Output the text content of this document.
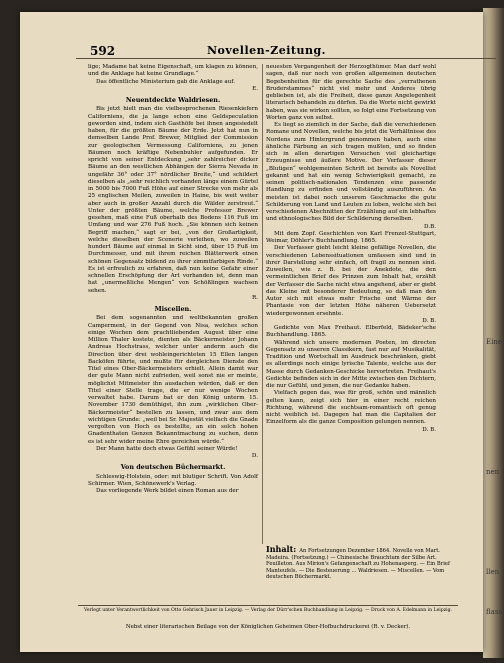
Eine
nen
llen
flass
592	Novellen-Zeitung.
lige; Madame hat keine Eigenschaft, um klagen zu können, und die Anklage hat keine Grundlage.“
Das öffentliche Ministerium gab die Anklage auf.
E.
Neuentdeckte Waldriesen.
Bis jetzt hielt man die vielbesprochenen Riesenkiefern Californiens, die ja lange schon eine Geldspeculation geworden sind, indem sich Gasthöfe bei ihnen angesiedelt haben, für die größten Bäume der Erde. Jetzt hat nun in demselben Lande Prof. Brewer, Mitglied der Commission zur geologischen Vermessung Californiens, zu jenen Bäumen noch kräftige Nebenbuhler aufgefunden. Er spricht von seiner Entdeckung „sehr zahlreicher dicker Bäume an den westlichen Abhängen der Sierra Nevada in ungefähr 36° oder 37° nördlicher Breite,“ und schildert dieselben als „sehr reichlich vorhanden längs einem Gürtel in 5000 bis 7000 Fuß Höhe auf einer Strecke von mehr als 25 englischen Meilen, zuweilen in Haine, bis weit weiter aber auch in großer Anzahl durch die Wälder zerstreut.“ Unter der größten Bäume, welche Professor Brewer gesehen, maß eine Fuß oberhalb des Bodens 116 Fuß im Umfang und war 276 Fuß hoch. „Sie können sich keinen Begriff machen,“ sagt er bei, „von der Großartigkeit, welche dieselben der Scenerie verleihen, wo zuweilen hundert Bäume auf einmal in Sicht sind, über 15 Fuß im Durchmesser, und mit ihrem reichen Blätterwerk einen schönen Gegensatz bildend zu ihrer zimmtfarbigen Rinde.“ Es ist erfreulich zu erfahren, daß nun keine Gefahr einer schnellen Erschöpfung der Art vorhanden ist, denn man hat „unermeßliche Mengen“ von Schößlingen wachsen sehen.
R.
Miscellen.
Bei dem sogenannten und weltbekannten großen Camperment, in der Gegend von Nisa, welches schon einige Wochen dem prachtliebenden August über eine Million Thaler kostete, dienten als Bäckermeister Johann Andreas Hochstrass, welcher unter anderm auch die Direction über drei wohleingerichteten 15 Ellen langen Backöfen führte, und mußte für dergleichen Dienste den Titel eines Ober-Bäckermeisters erhielt. Allein damit war der gute Mann nicht zufrieden, weil sonst nie er meinte, möglichst Mitmeister ihn ausdachen würden, daß er den Titel einer Stelle trage, die er nur wenige Wochen verwaltet habe. Darum bat er den König unterm 15. November 1730 demüthigst, ihn zum „wirklichen Ober-Bäckermeister“ bestellen zu lassen, und zwar aus dem wichtigen Grunde: „weil bei Sr. Majestät vielfach die Gnade vergolten von Hoch es bestellte, an ein solch hohen Gnadenthaten Genzen Bekanntmachung zu suchen, denn es ist sehr wider meine Ehre gereichen würde.“
Der Mann hatte doch etwas Gefühl seiner Würde!
D.
Von deutschen Büchermarkt.
Schleswig-Holstein, oder: mit blutiger Schrift. Von Adolf Schirmer. Wien, Schönewerk's Verlag.
Das vorliegende Werk bildet einen Roman aus der
neuesten Vergangenheit der Herzogthümer. Man darf wohl sagen, daß nur noch von großen allgemeinen deutschen Begebenheiten für die gerechte Sache des „verrathenen Bruderstammes“ nicht viel mehr und Anderes übrig geblieben ist, als die Freiheit, diese ganze Angelegenheit literarisch behandeln zu dürfen. Da die Worte nicht gewirkt haben, was sie wirken sollten, so folgt eine Fortsetzung von Worten ganz von selbst.
Es liegt so ziemlich in der Sache, daß die verschiedenen Romane und Novellen, welche bis jetzt die Verhältnisse des Nordens zum Hintergrund genommen haben, auch eine ähnliche Färbung an sich tragen mußten, und so finden sich in allen derartigen Versuchen viel gleichartige Erzeugnisse und äußere Motive. Der Verfasser dieser „Blutigen“ wohlgemeinten Schrift ist bereits als Novellist gekannt und hat ein wenig Schwierigkeit gemacht, zu seinen politisch-nationalen Tendenzen eine passende Handlung zu erfinden und vollständig auszuführen. An meisten ist dabei noch unserem Geschmacke die gute Schilderung von Land und Leuten zu loben, welche sich bei verschiedenen Abschnitten der Erzählung auf ein lebhaftes und ethnologisches Bild der Schilderung derselben.
D.B.
Mit dem Zopf. Geschichten von Karl Frenzel-Stuttgart, Weimar, Döhler's Buchhandlung. 1865.
Der Verfasser giebt leicht kleine gefällige Novellen, die verschiedenen Lebenssituationen umfassen sind und in ihrer Darstellung sehr einfach, oft fragil zu nennen sind. Zuweilen, wie z. B. bei der Anekdote, die den vermeintlichen Brief des Prinzen zum Inhalt hat, erzählt der Verfasser die Sache nicht etwa angehend, aber er giebt das Kleine mit besonderer Bedeutung, so daß man den Autor sich mit etwas mehr Frische und Wärme der Phantasie von der letzten Höhe näheren Uebersetzt wiedergewonnen ersehnte.
D. B.
Gedichte von Max Freihaut. Elberfeld, Bädeker'sche Buchhandlung. 1865.
Während sich unsere modernen Poeten, im directen Gegensatz zu unseren Classikern, fast nur auf Musikalität, Tradition und Wortschall im Ausdruck beschränken, giebt es allerdings noch einige lyrische Talente, welche aus der Masse durch Gedanken-Geschicke hervortreten. Freihaut's Gedichte befinden sich in der Mitte zwischen den Dichtern, die nur Gefühl, und jenen, die nur Gedanke haben.
Vielfach gegen das, was für groß, schön und männlich gelten kann, zeigt sich hier in einer recht reichen Richtung, während die suchtsam-romantisch oft genug nicht weiblich ist. Dagegen hat man die Capitalien der Einzelform als die ganze Composition gelungen nennen.
D. B.
Inhalt: An Fortsetzungen Dezember 1864. Novelle von Mart. Madeira. (Fortsetzung.) — Chinesische Brauchtum der Silbe Art. Feuilleton. Aus Mirion's Gefangenschaft zu Hohenasperg. — Ein Brief Manteufels. — Die Besteuerung ... Waldriesen. — Miscellen. — Vom deutschen Büchermarkt.
Verlegt unter Verantwortlichkeit von Otto Gehrisch Jauer in Leipzig. — Verlag der Dürr'schen Buchhandlung in Leipzig. — Druck von A. Edelmann in Leipzig.
Nebst einer literarischen Beilage von der Königlichen Geheimen Ober-Hofbuchdruckerei (R. v. Decker).
